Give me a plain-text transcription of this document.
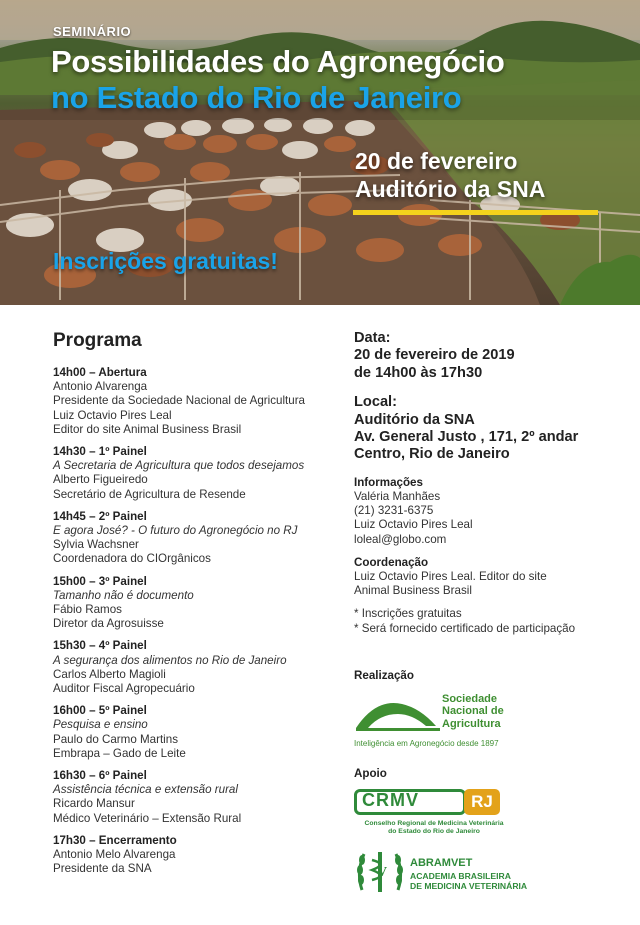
SEMINÁRIO
Possibilidades do Agronegócio
no Estado do Rio de Janeiro
20 de fevereiro
Auditório da SNA
Inscrições gratuitas!
Programa
14h00 – Abertura
Antonio Alvarenga
Presidente da Sociedade Nacional de Agricultura
Luiz Octavio Pires Leal
Editor do site Animal Business Brasil
14h30 – 1º Painel
A Secretaria de Agricultura que todos desejamos
Alberto Figueiredo
Secretário de Agricultura de Resende
14h45 – 2º Painel
E agora José? - O futuro do Agronegócio no RJ
Sylvia Wachsner
Coordenadora do CIOrgânicos
15h00 – 3º Painel
Tamanho não é documento
Fábio Ramos
Diretor da Agrosuisse
15h30 – 4º Painel
A segurança dos alimentos no Rio de Janeiro
Carlos Alberto Magioli
Auditor Fiscal Agropecuário
16h00 – 5º Painel
Pesquisa e ensino
Paulo do Carmo Martins
Embrapa – Gado de Leite
16h30 – 6º Painel
Assistência técnica e extensão rural
Ricardo Mansur
Médico Veterinário – Extensão Rural
17h30 – Encerramento
Antonio Melo Alvarenga
Presidente da SNA
Data:
20 de fevereiro de 2019
de 14h00 às 17h30
Local:
Auditório da SNA
Av. General Justo , 171, 2º andar
Centro, Rio de Janeiro
Informações
Valéria Manhães
(21) 3231-6375
Luiz Octavio Pires Leal
loleal@globo.com
Coordenação
Luiz Octavio Pires Leal. Editor do site
Animal Business Brasil
* Inscrições gratuitas
* Será fornecido certificado de participação
Realização
Sociedade
Nacional de
Agricultura
Inteligência em Agronegócio desde 1897
Apoio
CRMV	RJ
Conselho Regional de Medicina Veterinária
do Estado do Rio de Janeiro
V
ABRAMVET
ACADEMIA BRASILEIRA
DE MEDICINA VETERINÁRIA
